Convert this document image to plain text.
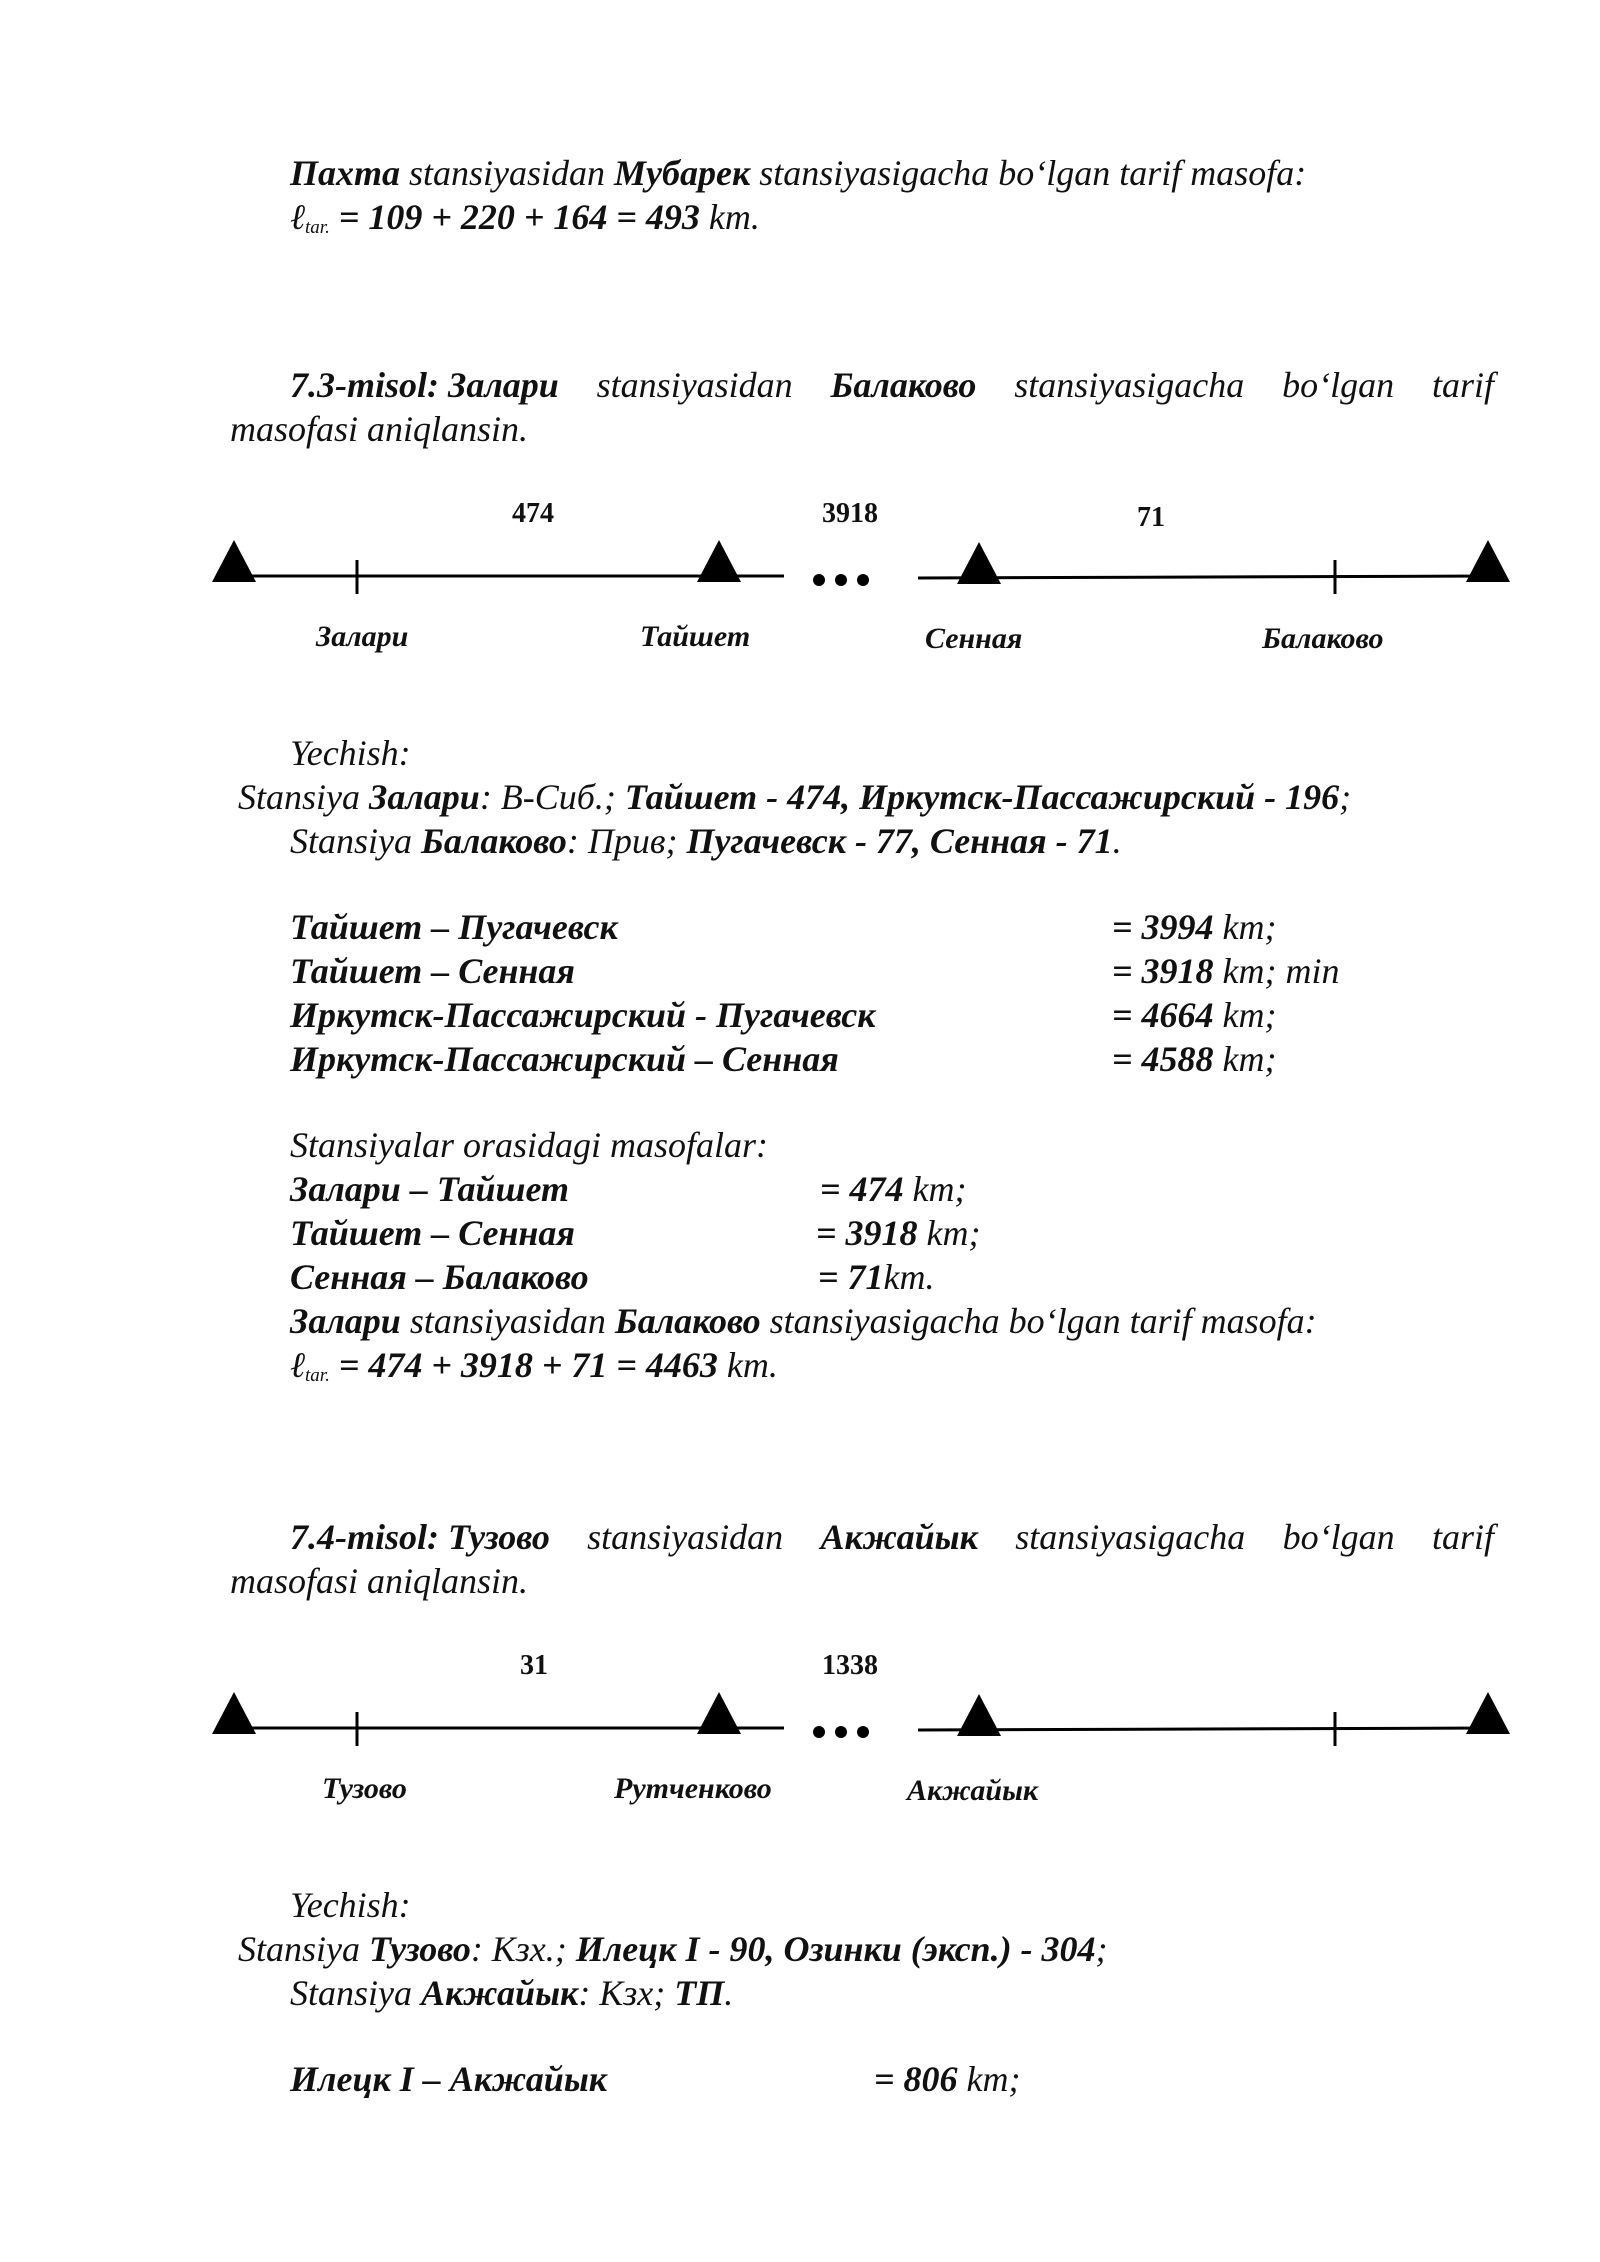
Пахта stansiyasidan Мубарек stansiyasigacha bo‘lgan tarif masofa:
ℓ$_{tar.}$ = 109 + 220 + 164 = 493 km.
7.3-misol: Залари stansiyasidan Балаково stansiyasigacha bo‘lgan tarif
masofasi aniqlansin.
474	3918	71
Залари	Тайшет	Сенная	Балаково
Yechish:
Stansiya Залари: В-Сиб.; Тайшет - 474, Иркутск-Пассажирский - 196;
Stansiya Балаково: Прив; Пугачевск - 77, Сенная - 71.
Тайшет – Пугачевск	= 3994 km;
Тайшет – Сенная	= 3918 km; min
Иркутск-Пассажирский - Пугачевск	= 4664 km;
Иркутск-Пассажирский – Сенная	= 4588 km;
Stansiyalar orasidagi masofalar:
Залари – Тайшет	= 474 km;
Тайшет – Сенная	= 3918 km;
Сенная – Балаково	= 71km.
Залари stansiyasidan Балаково stansiyasigacha bo‘lgan tarif masofa:
ℓ$_{tar.}$ = 474 + 3918 + 71 = 4463 km.
7.4-misol: Тузово stansiyasidan Акжайык stansiyasigacha bo‘lgan tarif
masofasi aniqlansin.
31	1338
Тузово	Рутченково	Акжайык
Yechish:
Stansiya Тузово: Кзх.; Илецк I - 90, Озинки (эксп.) - 304;
Stansiya Акжайык: Кзх; ТП.
Илецк I – Акжайык	= 806 km;
